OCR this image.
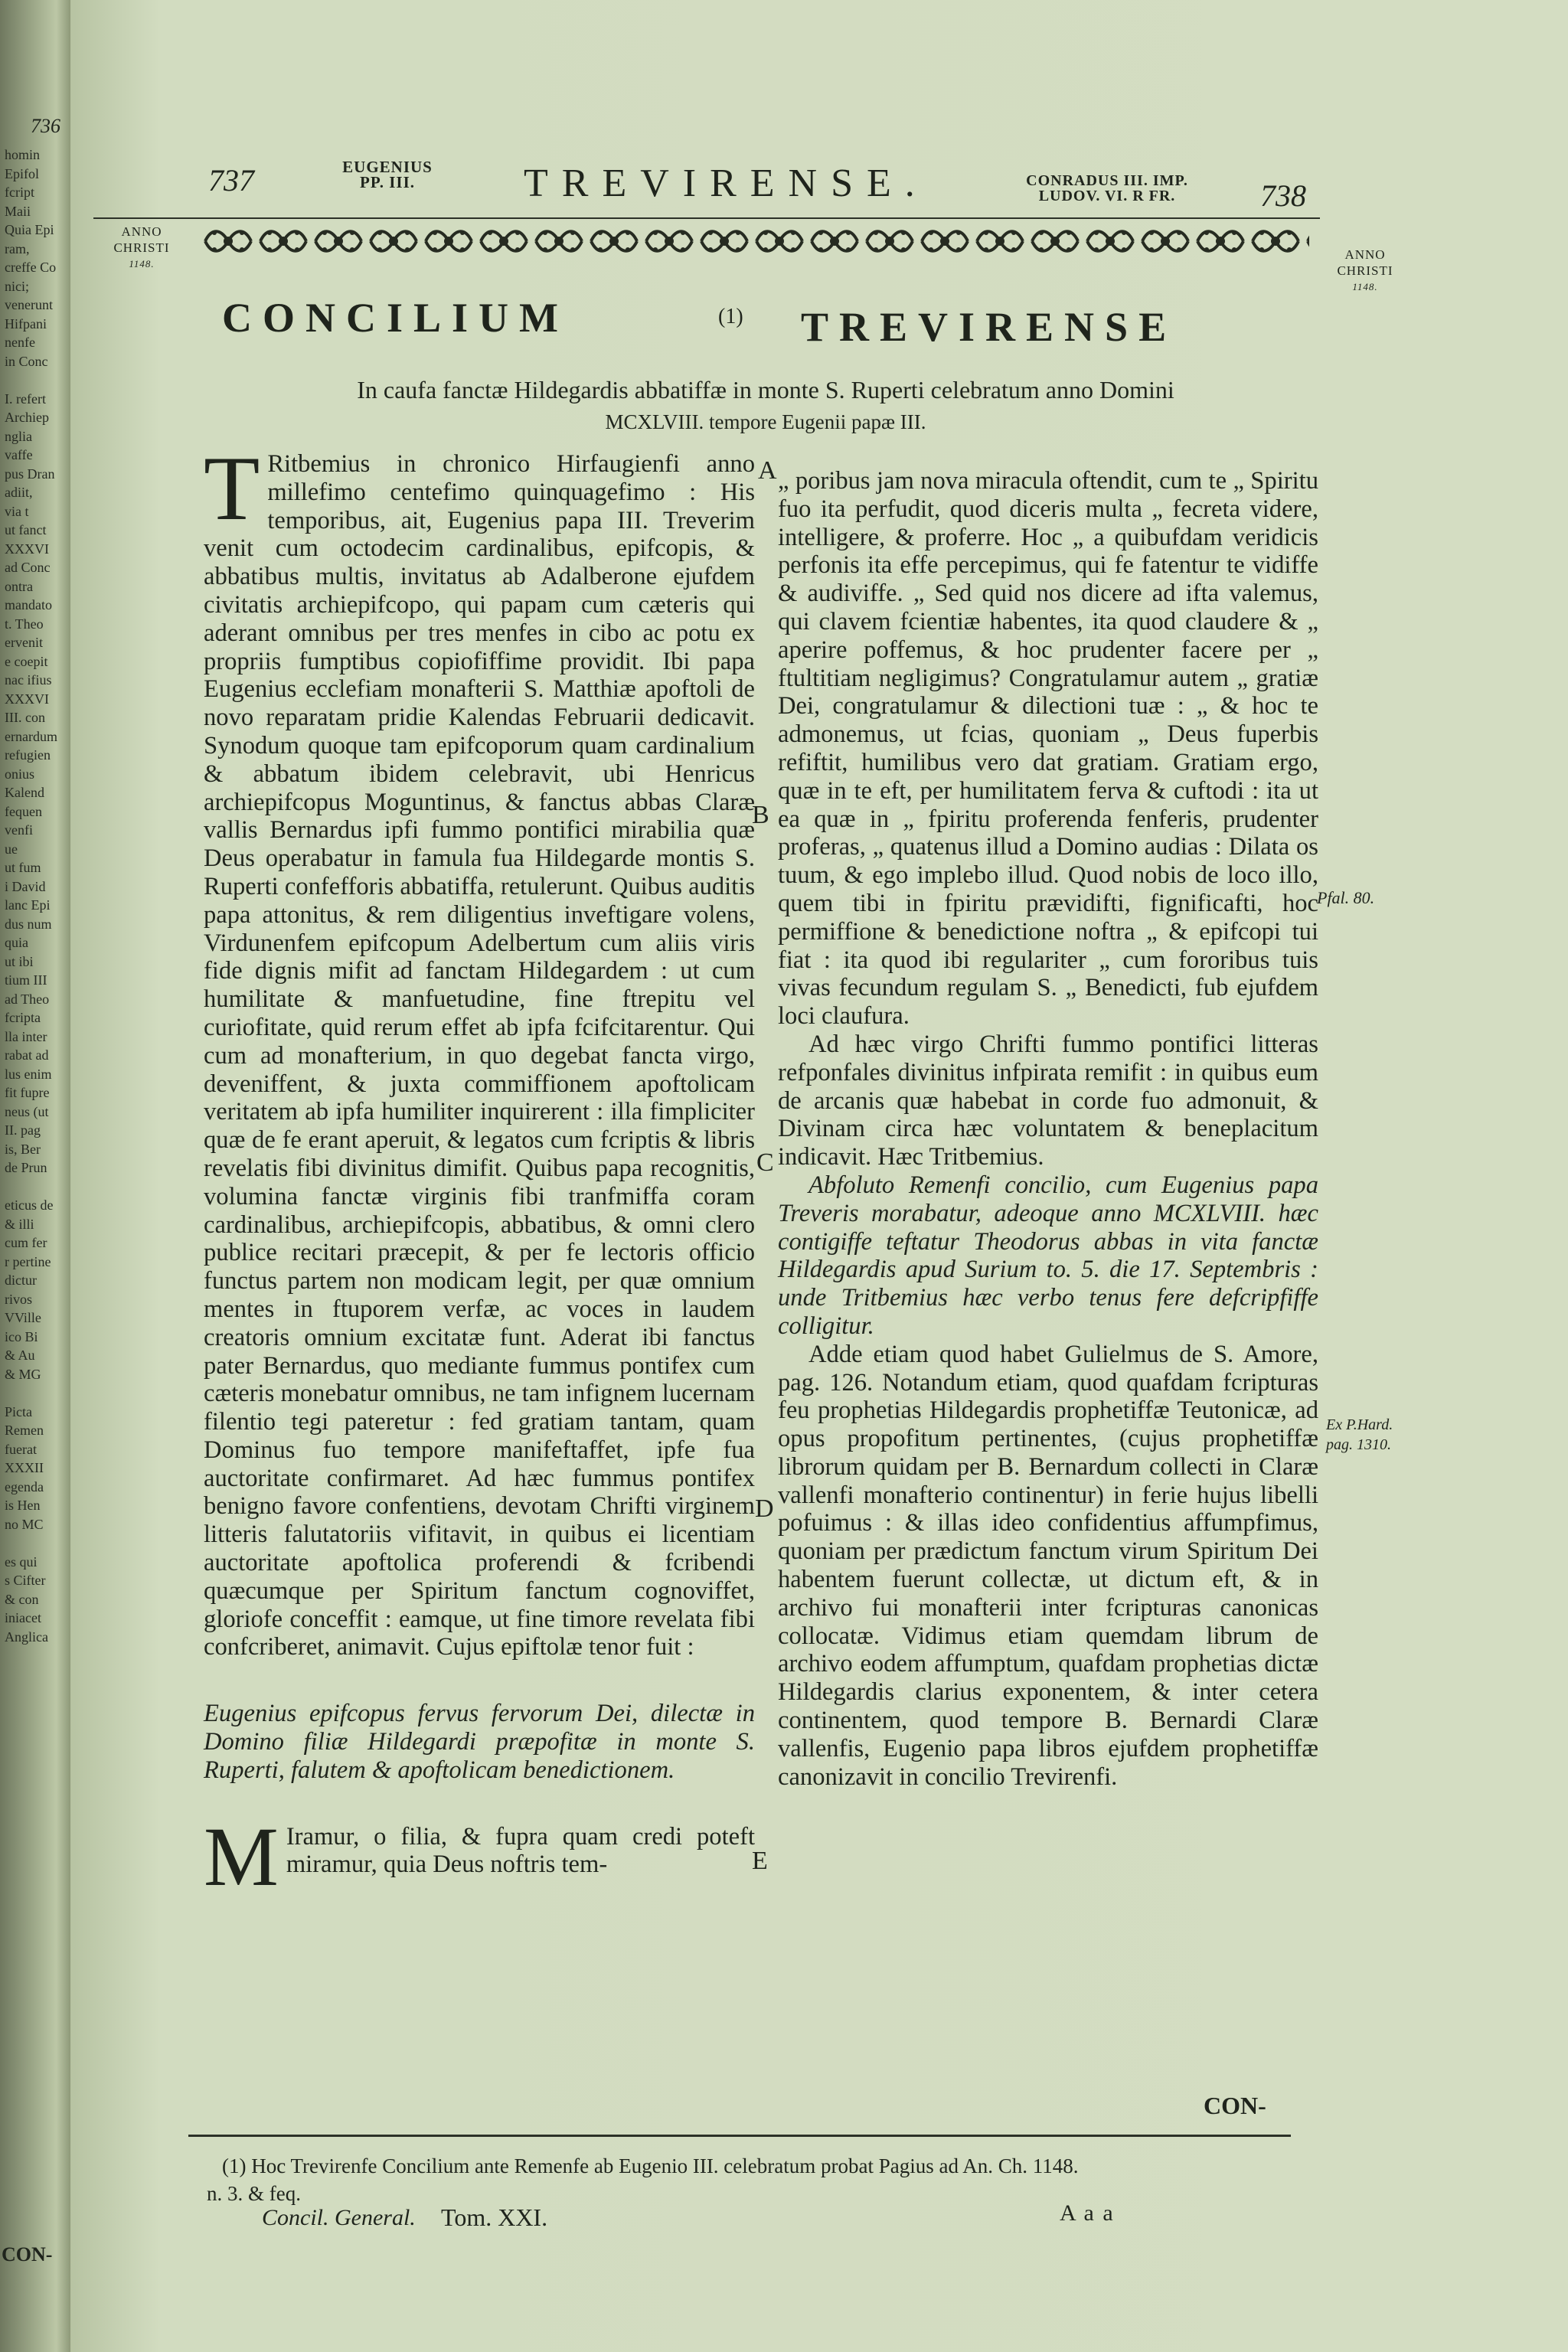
736
homin
Epifol
fcript
Maii
Quia Epi
ram,
creffe Co
nici;
venerunt
Hifpani
nenfe
in Conc

I. refert
Archiep
nglia
vaffe
pus Dran
adiit,
via t
ut fanct
XXXVI
ad Conc
ontra
mandato
t. Theo
ervenit
e coepit
nac ifius
XXXVI
III. con
ernardum
refugien
onius
Kalend
fequen
venfi
ue
ut fum
i David
lanc Epi
dus num
quia
ut ibi
tium III
ad Theo
fcripta
lla inter
rabat ad
lus enim
fit fupre
neus (ut
II. pag
is, Ber
de Prun

eticus de
& illi
cum fer
r pertine
dictur
rivos
VVille
ico Bi
& Au
& MG

Picta
Remen
fuerat
XXXII
egenda
is Hen
no MC

es qui
s Cifter
& con
iniacet
Anglica
CON-
737	EUGENIUS
PP. III.	TREVIRENSE.	CONRADUS III. IMP.
LUDOV. VI. R FR.	738
ANNO
CHRISTI
1148.
ANNO
CHRISTI
1148.
CONCILIUM	(1) TREVIRENSE
In caufa fanctæ Hildegardis abbatiffæ in monte S. Ruperti celebratum anno Domini
MCXLVIII. tempore Eugenii papæ III.
T Ritbemius in chronico Hirfaugienfi anno millefimo centefimo quinquagefimo : His temporibus, ait, Eugenius papa III. Treverim venit cum octodecim cardinalibus, epifcopis, & abbatibus multis, invitatus ab Adalberone ejufdem civitatis archiepifcopo, qui papam cum cæteris qui aderant omnibus per tres menfes in cibo ac potu ex propriis fumptibus copiofiffime providit. Ibi papa Eugenius ecclefiam monafterii S. Matthiæ apoftoli de novo reparatam pridie Kalendas Februarii dedicavit. Synodum quoque tam epifcoporum quam cardinalium & abbatum ibidem celebravit, ubi Henricus archiepifcopus Moguntinus, & fanctus abbas Claræ vallis Bernardus ipfi fummo pontifici mirabilia quæ Deus operabatur in famula fua Hildegarde montis S. Ruperti confefforis abbatiffa, retulerunt. Quibus auditis papa attonitus, & rem diligentius inveftigare volens, Virdunenfem epifcopum Adelbertum cum aliis viris fide dignis mifit ad fanctam Hildegardem : ut cum humilitate & manfuetudine, fine ftrepitu vel curiofitate, quid rerum effet ab ipfa fcifcitarentur. Qui cum ad monafterium, in quo degebat fancta virgo, deveniffent, & juxta commiffionem apoftolicam veritatem ab ipfa humiliter inquirerent : illa fimpliciter quæ de fe erant aperuit, & legatos cum fcriptis & libris revelatis fibi divinitus dimifit. Quibus papa recognitis, volumina fanctæ virginis fibi tranfmiffa coram cardinalibus, archiepifcopis, abbatibus, & omni clero publice recitari præcepit, & per fe lectoris officio functus partem non modicam legit, per quæ omnium mentes in ftuporem verfæ, ac voces in laudem creatoris omnium excitatæ funt. Aderat ibi fanctus pater Bernardus, quo mediante fummus pontifex cum cæteris monebatur omnibus, ne tam infignem lucernam filentio tegi pateretur : fed gratiam tantam, quam Dominus fuo tempore manifeftaffet, ipfe fua auctoritate confirmaret. Ad hæc fummus pontifex benigno favore confentiens, devotam Chrifti virginem litteris falutatoriis vifitavit, in quibus ei licentiam auctoritate apoftolica proferendi & fcribendi quæcumque per Spiritum fanctum cognoviffet, gloriofe conceffit : eamque, ut fine timore revelata fibi confcriberet, animavit. Cujus epiftolæ tenor fuit :

Eugenius epifcopus fervus fervorum Dei, dilectæ in Domino filiæ Hildegardi præpofitæ in monte S. Ruperti, falutem & apoftolicam benedictionem.

M Iramur, o filia, & fupra quam credi poteft miramur, quia Deus noftris tem-

A
B
C
D
E

„ poribus jam nova miracula oftendit, cum te „ Spiritu fuo ita perfudit, quod diceris multa „ fecreta videre, intelligere, & proferre. Hoc „ a quibufdam veridicis perfonis ita effe percepimus, qui fe fatentur te vidiffe & audiviffe. „ Sed quid nos dicere ad ifta valemus, qui clavem fcientiæ habentes, ita quod claudere & „ aperire poffemus, & hoc prudenter facere per „ ftultitiam negligimus? Congratulamur autem „ gratiæ Dei, congratulamur & dilectioni tuæ : „ & hoc te admonemus, ut fcias, quoniam „ Deus fuperbis refiftit, humilibus vero dat gratiam. Gratiam ergo, quæ in te eft, per humilitatem ferva & cuftodi : ita ut ea quæ in „ fpiritu proferenda fenferis, prudenter proferas, „ quatenus illud a Domino audias : Dilata os tuum, & ego implebo illud. Quod nobis de loco illo, quem tibi in fpiritu prævidifti, fignificafti, hoc permiffione & benedictione noftra „ & epifcopi tui fiat : ita quod ibi regulariter „ cum fororibus tuis vivas fecundum regulam S. „ Benedicti, fub ejufdem loci claufura.

Ad hæc virgo Chrifti fummo pontifici litteras refponfales divinitus infpirata remifit : in quibus eum de arcanis quæ habebat in corde fuo admonuit, & Divinam circa hæc voluntatem & beneplacitum indicavit. Hæc Tritbemius.

Abfoluto Remenfi concilio, cum Eugenius papa Treveris morabatur, adeoque anno MCXLVIII. hæc contigiffe teftatur Theodorus abbas in vita fanctæ Hildegardis apud Surium to. 5. die 17. Septembris : unde Tritbemius hæc verbo tenus fere defcripfiffe colligitur.

Adde etiam quod habet Gulielmus de S. Amore, pag. 126. Notandum etiam, quod quafdam fcripturas feu prophetias Hildegardis prophetiffæ Teutonicæ, ad opus propofitum pertinentes, (cujus prophetiffæ librorum quidam per B. Bernardum collecti in Claræ vallenfi monafterio continentur) in ferie hujus libelli pofuimus : & illas ideo confidentius affumpfimus, quoniam per prædictum fanctum virum Spiritum Dei habentem fuerunt collectæ, ut dictum eft, & in archivo fui monafterii inter fcripturas canonicas collocatæ. Vidimus etiam quemdam librum de archivo eodem affumptum, quafdam prophetias dictæ Hildegardis clarius exponentem, & inter cetera continentem, quod tempore B. Bernardi Claræ vallenfis, Eugenio papa libros ejufdem prophetiffæ canonizavit in concilio Trevirenfi.

Pfal. 80.
Ex P.Hard.
pag. 1310.
CON-
(1) Hoc Trevirenfe Concilium ante Remenfe ab Eugenio III. celebratum probat Pagius ad An. Ch. 1148.
n. 3. & feq.
Concil. General. Tom. XXI.	A a a
